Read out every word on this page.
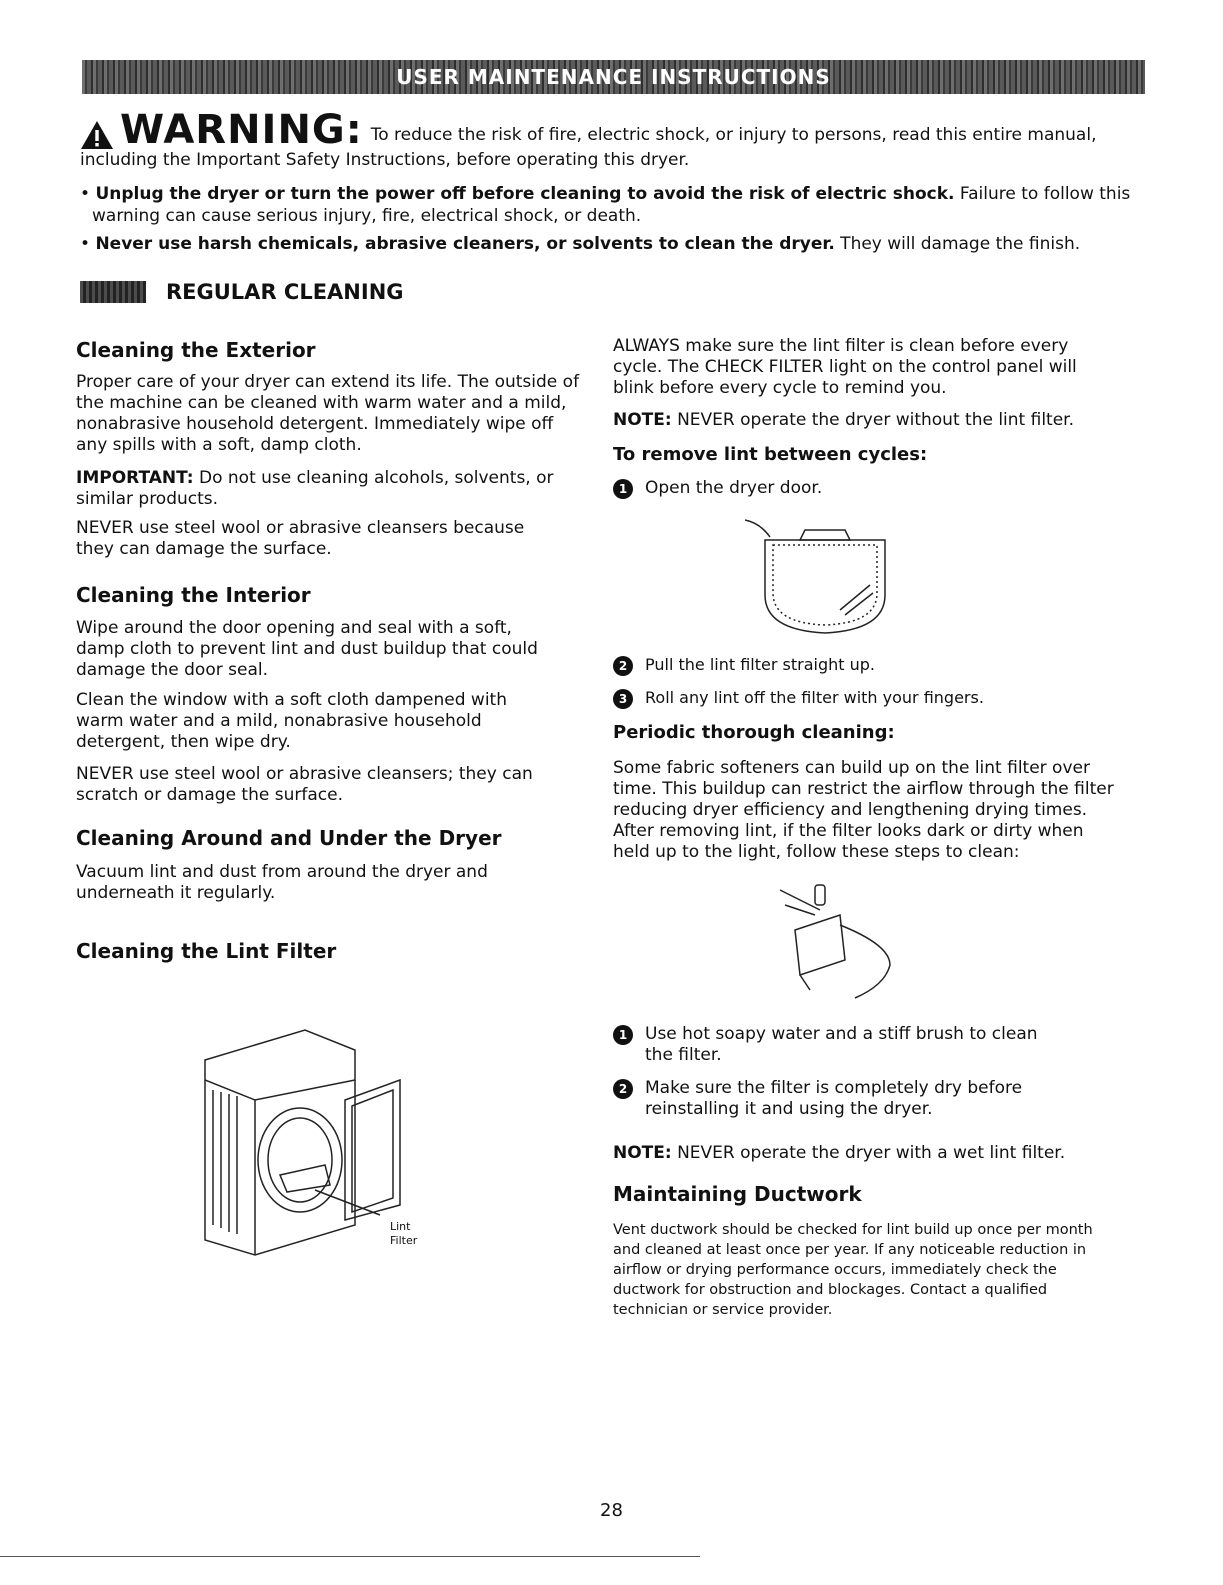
USER MAINTENANCE INSTRUCTIONS
WARNING: To reduce the risk of fire, electric shock, or injury to persons, read this entire manual,
including the Important Safety Instructions, before operating this dryer.
• Unplug the dryer or turn the power off before cleaning to avoid the risk of electric shock. Failure to follow this
warning can cause serious injury, fire, electrical shock, or death.
• Never use harsh chemicals, abrasive cleaners, or solvents to clean the dryer. They will damage the finish.
REGULAR CLEANING
Cleaning the Exterior

Proper care of your dryer can extend its life. The outside of the machine can be cleaned with warm water and a mild, nonabrasive household detergent. Immediately wipe off any spills with a soft, damp cloth.

IMPORTANT: Do not use cleaning alcohols, solvents, or similar products.

NEVER use steel wool or abrasive cleansers because they can damage the surface.

Cleaning the Interior

Wipe around the door opening and seal with a soft, damp cloth to prevent lint and dust buildup that could damage the door seal.

Clean the window with a soft cloth dampened with warm water and a mild, nonabrasive household detergent, then wipe dry.

NEVER use steel wool or abrasive cleansers; they can scratch or damage the surface.

Cleaning Around and Under the Dryer

Vacuum lint and dust from around the dryer and underneath it regularly.

Cleaning the Lint Filter
Lint
Filter

ALWAYS make sure the lint filter is clean before every cycle. The CHECK FILTER light on the control panel will blink before every cycle to remind you.

NOTE: NEVER operate the dryer without the lint filter.

To remove lint between cycles:
1	Open the dryer door.
2	Pull the lint filter straight up.
3	Roll any lint off the filter with your fingers.
Periodic thorough cleaning:

Some fabric softeners can build up on the lint filter over time. This buildup can restrict the airflow through the filter reducing dryer efficiency and lengthening drying times. After removing lint, if the filter looks dark or dirty when held up to the light, follow these steps to clean:

1	Use hot soapy water and a stiff brush to clean the filter.
2	Make sure the filter is completely dry before reinstalling it and using the dryer.

NOTE: NEVER operate the dryer with a wet lint filter.

Maintaining Ductwork

Vent ductwork should be checked for lint build up once per month and cleaned at least once per year. If any noticeable reduction in airflow or drying performance occurs, immediately check the ductwork for obstruction and blockages. Contact a qualified technician or service provider.

28
